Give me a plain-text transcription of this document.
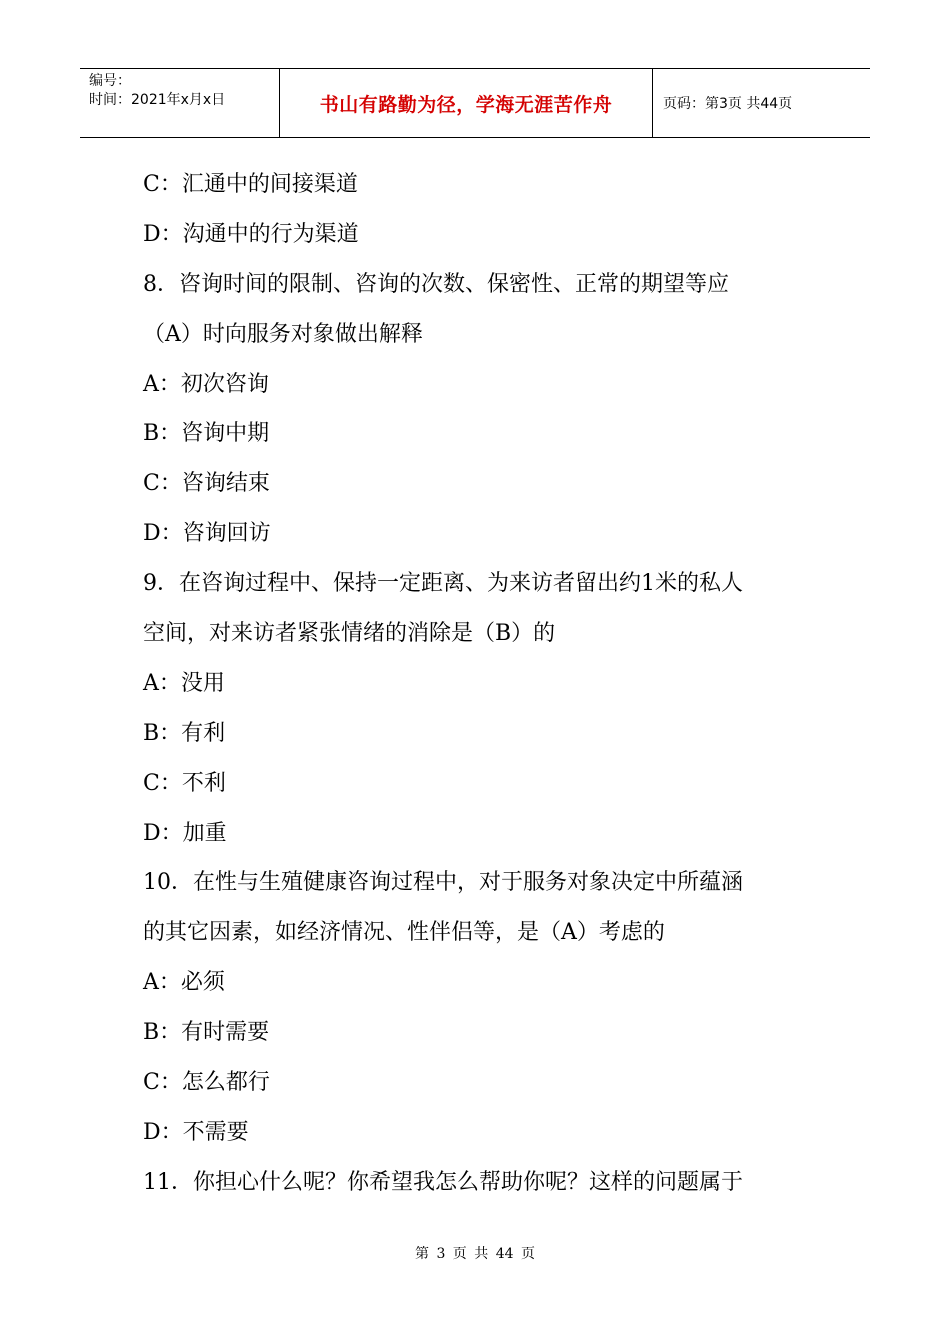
编号：
时间：2021年x月x日	书山有路勤为径，学海无涯苦作舟	页码：第3页 共44页
C：汇通中的间接渠道
D：沟通中的行为渠道
8．咨询时间的限制、咨询的次数、保密性、正常的期望等应
（A）时向服务对象做出解释
A：初次咨询
B：咨询中期
C：咨询结束
D：咨询回访
9．在咨询过程中、保持一定距离、为来访者留出约1米的私人
空间，对来访者紧张情绪的消除是（B）的
A：没用
B：有利
C：不利
D：加重
10．在性与生殖健康咨询过程中，对于服务对象决定中所蕴涵
的其它因素，如经济情况、性伴侣等，是（A）考虑的
A：必须
B：有时需要
C：怎么都行
D：不需要
11．你担心什么呢？你希望我怎么帮助你呢？这样的问题属于
第 3 页 共 44 页
